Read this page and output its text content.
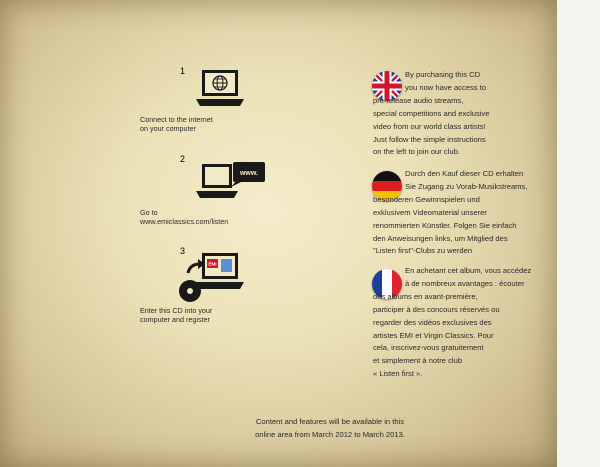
1
Connect to the internet
on your computer
2
www.
Go to
www.emiclassics.com/listen
3
EMI
Enter this CD into your
computer and register
By purchasing this CD
you now have access to
pre-release audio streams,
special competitions and exclusive
video from our world class artists!
Just follow the simple instructions
on the left to join our club.
Durch den Kauf dieser CD erhalten
Sie Zugang zu Vorab-Musikstreams,
besonderen Gewinnspielen und
exklusivem Videomaterial unserer
renommierten Künstler. Folgen Sie einfach
den Anweisungen links, um Mitglied des
"Listen first"-Clubs zu werden
En achetant cet album, vous accédez
à de nombreux avantages : écouter
des albums en avant-première,
participer à des concours réservés ou
regarder des vidéos exclusives des
artistes EMI et Virgin Classics. Pour
cela, inscrivez-vous gratuitement
et simplement à notre club
« Listen first ».
Content and features will be available in this
online area from March 2012 to March 2013.
